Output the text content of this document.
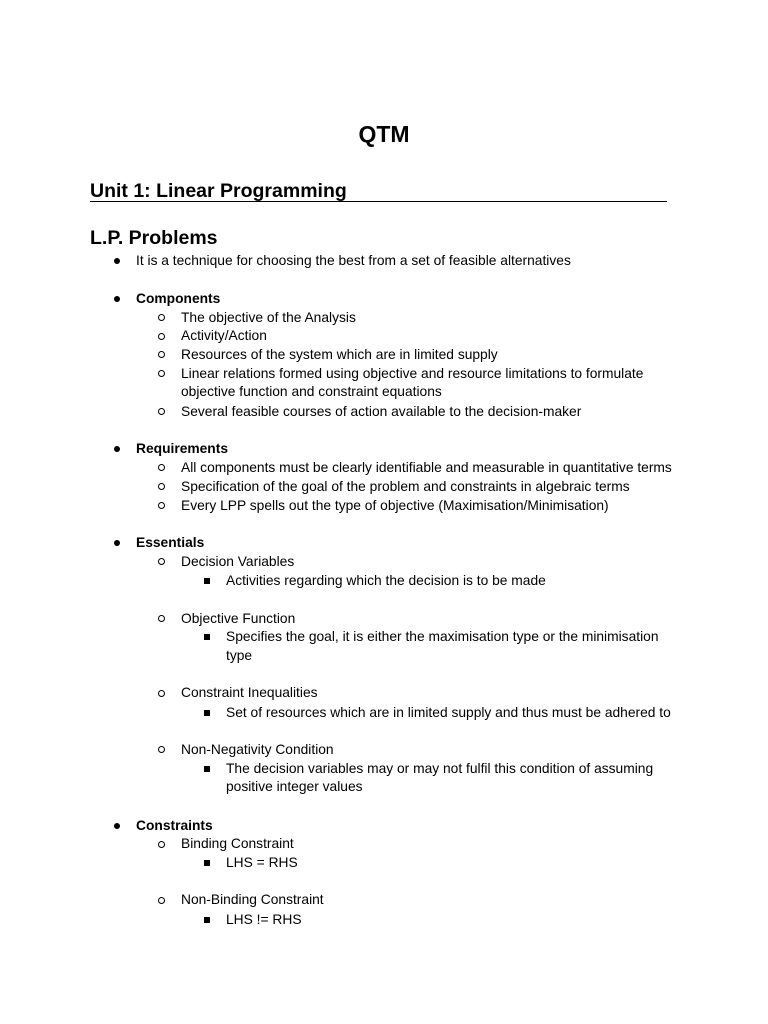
QTM
Unit 1: Linear Programming
L.P. Problems
It is a technique for choosing the best from a set of feasible alternatives
Components
The objective of the Analysis
Activity/Action
Resources of the system which are in limited supply
Linear relations formed using objective and resource limitations to formulate
objective function and constraint equations
Several feasible courses of action available to the decision-maker
Requirements
All components must be clearly identifiable and measurable in quantitative terms
Specification of the goal of the problem and constraints in algebraic terms
Every LPP spells out the type of objective (Maximisation/Minimisation)
Essentials
Decision Variables
Activities regarding which the decision is to be made
Objective Function
Specifies the goal, it is either the maximisation type or the minimisation
type
Constraint Inequalities
Set of resources which are in limited supply and thus must be adhered to
Non-Negativity Condition
The decision variables may or may not fulfil this condition of assuming
positive integer values
Constraints
Binding Constraint
LHS = RHS
Non-Binding Constraint
LHS != RHS
